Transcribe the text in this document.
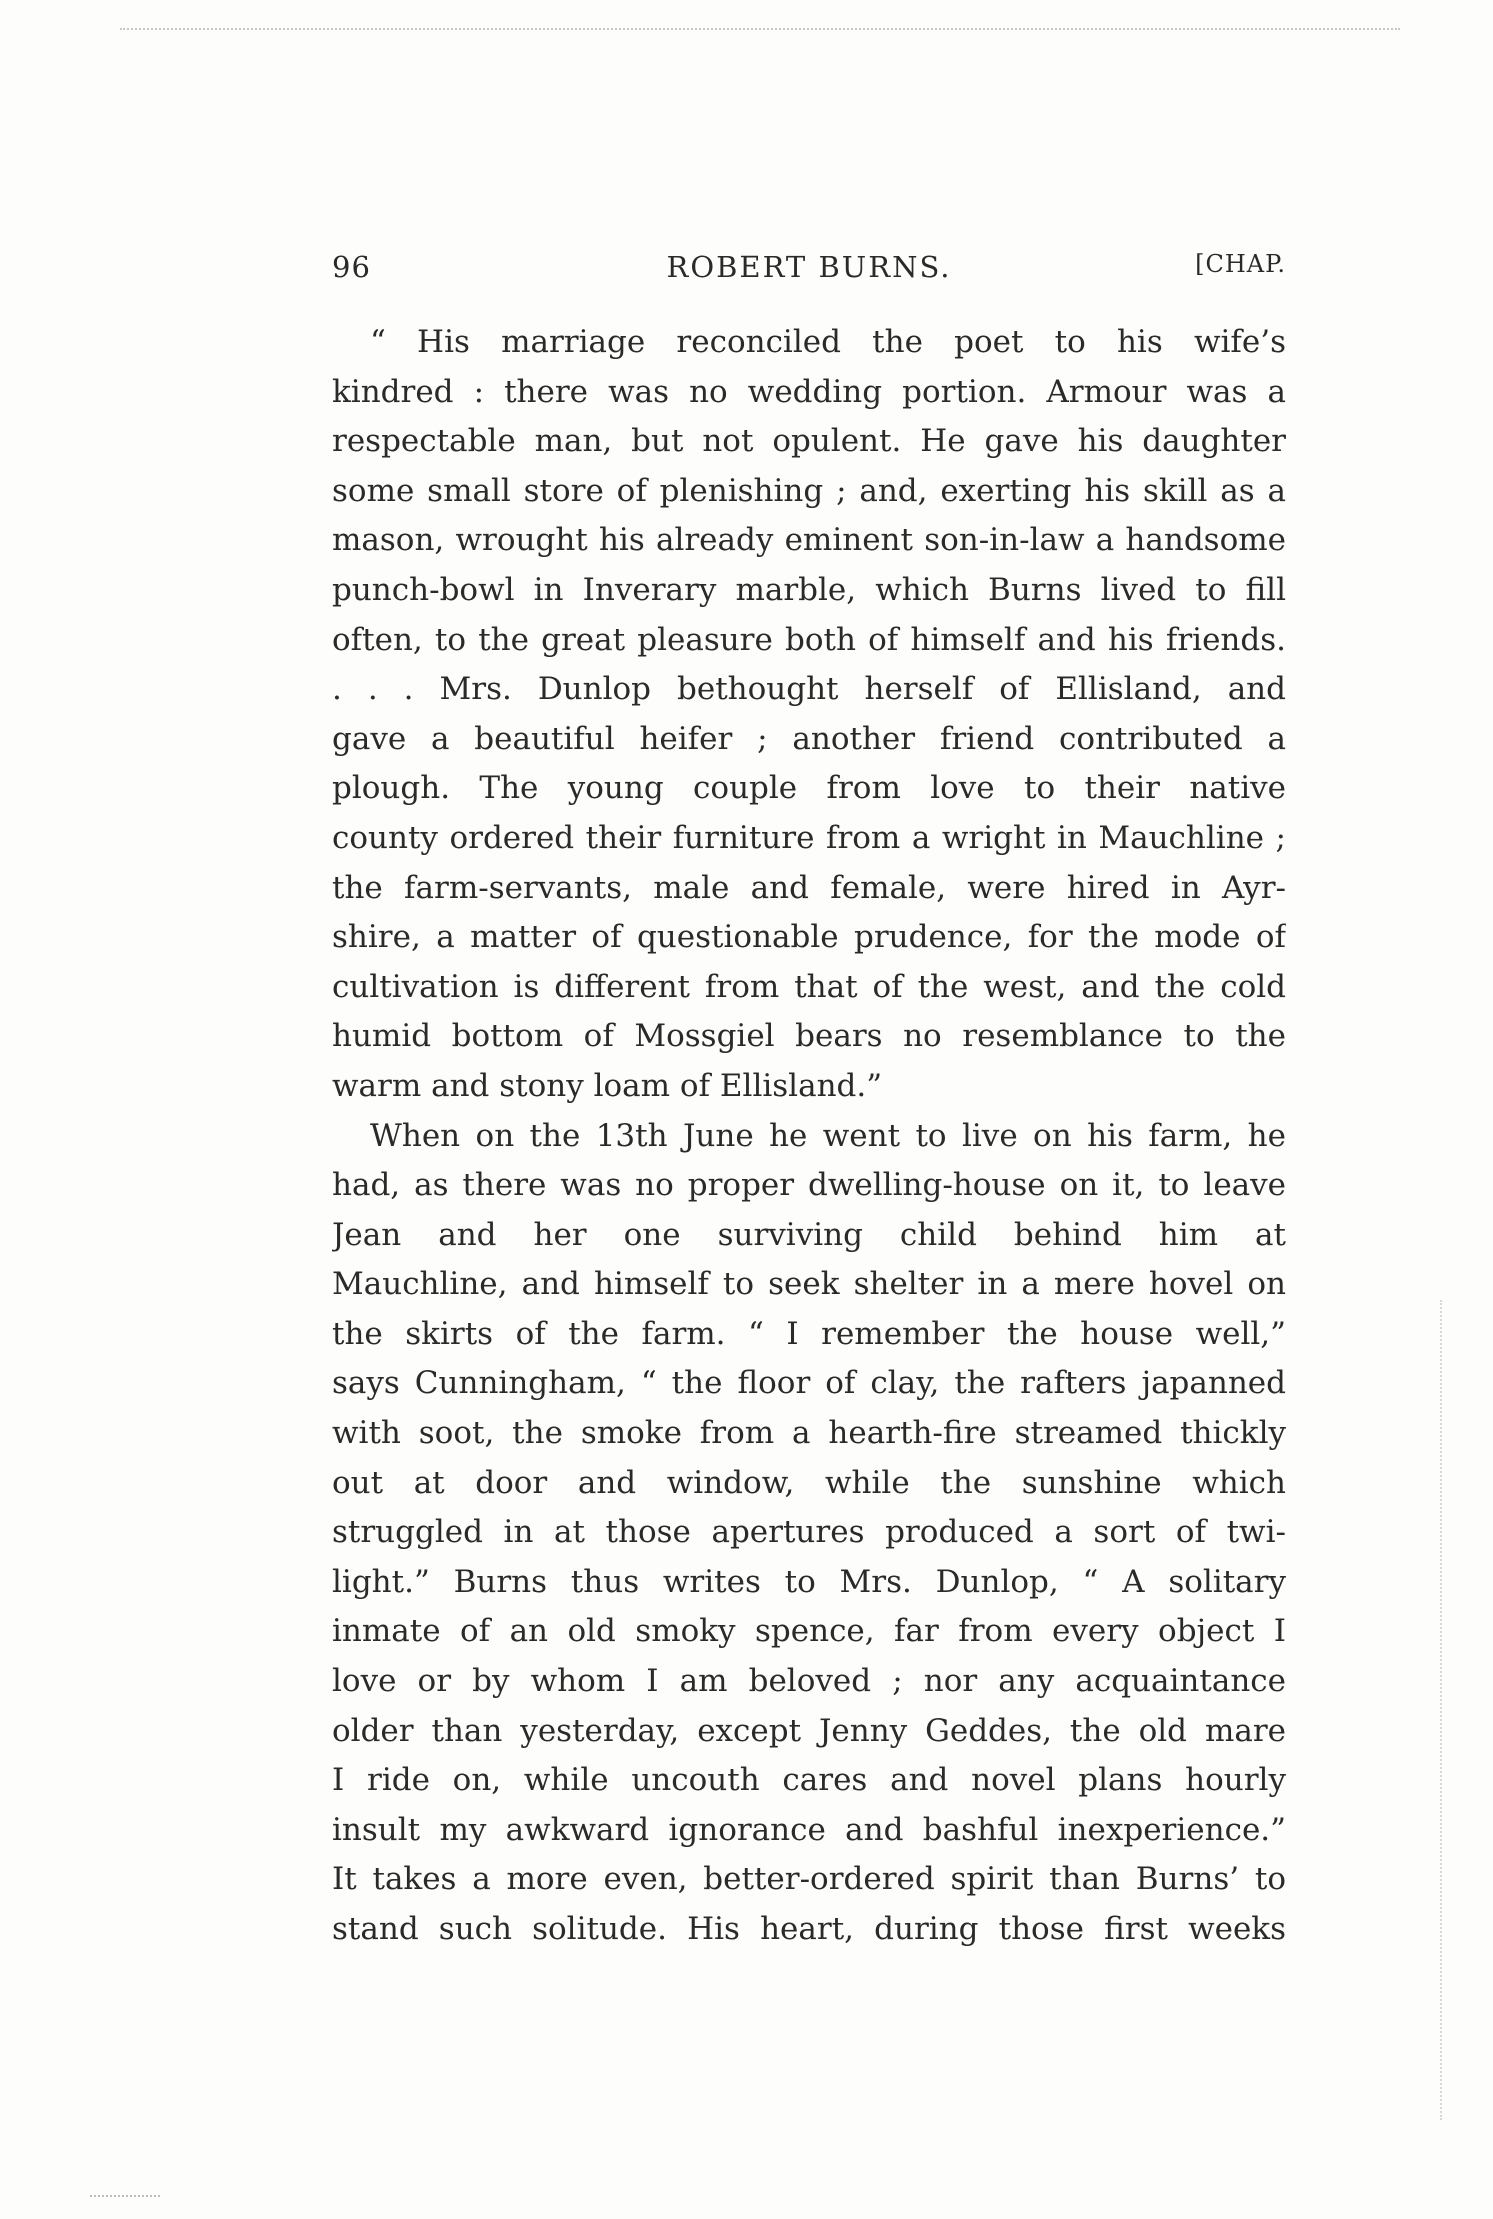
96	ROBERT BURNS.	[CHAP.
“ His marriage reconciled the poet to his wife’s
kindred : there was no wedding portion. Armour was a
respectable man, but not opulent. He gave his daughter
some small store of plenishing ; and, exerting his skill as a
mason, wrought his already eminent son-in-law a handsome
punch-bowl in Inverary marble, which Burns lived to fill
often, to the great pleasure both of himself and his friends.
. . . Mrs. Dunlop bethought herself of Ellisland, and
gave a beautiful heifer ; another friend contributed a
plough. The young couple from love to their native
county ordered their furniture from a wright in Mauchline ;
the farm-servants, male and female, were hired in Ayr-
shire, a matter of questionable prudence, for the mode of
cultivation is different from that of the west, and the cold
humid bottom of Mossgiel bears no resemblance to the
warm and stony loam of Ellisland.”
When on the 13th June he went to live on his farm, he
had, as there was no proper dwelling-house on it, to leave
Jean and her one surviving child behind him at
Mauchline, and himself to seek shelter in a mere hovel on
the skirts of the farm. “ I remember the house well,”
says Cunningham, “ the floor of clay, the rafters japanned
with soot, the smoke from a hearth-fire streamed thickly
out at door and window, while the sunshine which
struggled in at those apertures produced a sort of twi-
light.” Burns thus writes to Mrs. Dunlop, “ A solitary
inmate of an old smoky spence, far from every object I
love or by whom I am beloved ; nor any acquaintance
older than yesterday, except Jenny Geddes, the old mare
I ride on, while uncouth cares and novel plans hourly
insult my awkward ignorance and bashful inexperience.”
It takes a more even, better-ordered spirit than Burns’ to
stand such solitude. His heart, during those first weeks
